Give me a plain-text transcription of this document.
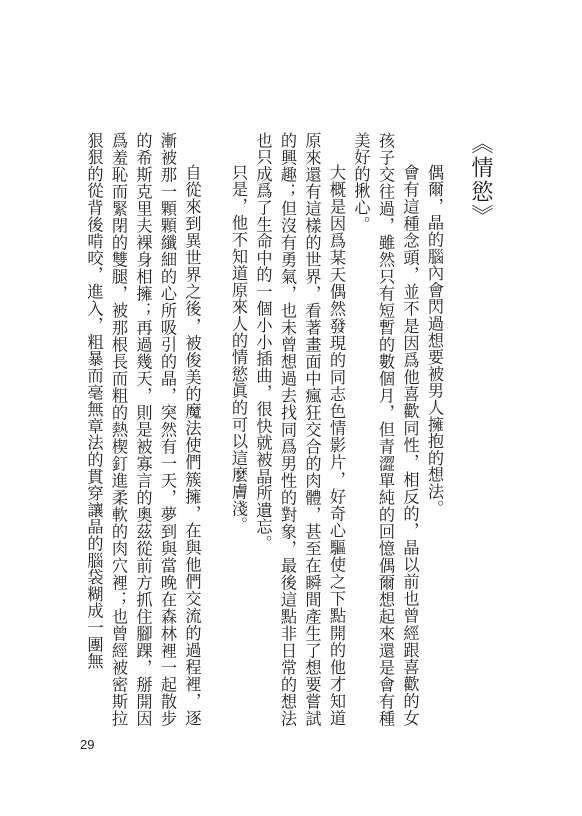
《情慾》

偶爾，晶的腦內會閃過想要被男人擁抱的想法。

會有這種念頭，並不是因爲他喜歡同性，相反的，晶以前也曾經跟喜歡的女孩子交往過，雖然只有短暫的數個月，但青澀單純的回憶偶爾想起來還是會有種美好的揪心。

大概是因爲某天偶然發現的同志色情影片，好奇心驅使之下點開的他才知道原來還有這樣的世界，看著畫面中瘋狂交合的肉體，甚至在瞬間產生了想要嘗試的興趣；但沒有勇氣，也未曾想過去找同爲男性的對象，最後這點非日常的想法也只成爲了生命中的一個小小插曲，很快就被晶所遺忘。

只是，他不知道原來人的情慾眞的可以這麼膚淺。

自從來到異世界之後，被俊美的魔法使們簇擁，在與他們交流的過程裡，逐漸被那一顆顆纖細的心所吸引的晶，突然有一天，夢到與當晚在森林裡一起散步的希斯克里夫裸身相擁；再過幾天，則是被寡言的奧茲從前方抓住腳踝，掰開因爲羞恥而緊閉的雙腿，被那根長而粗的熱楔釘進柔軟的肉穴裡；也曾經被密斯拉狠狠的從背後啃咬，進入，粗暴而毫無章法的貫穿讓晶的腦袋糊成一團無

29
